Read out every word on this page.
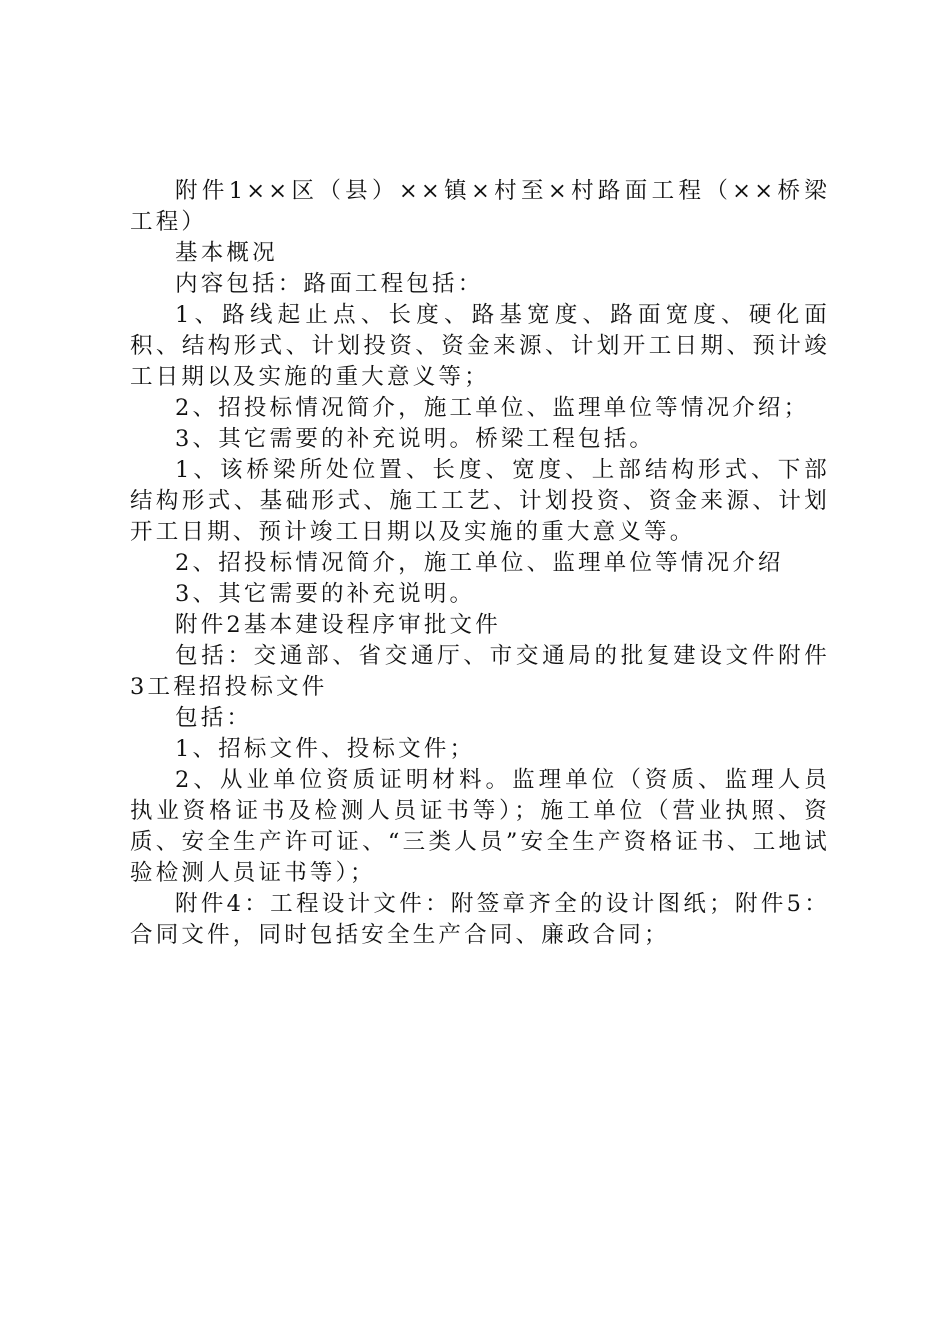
附件1××区（县）××镇×村至×村路面工程（××桥梁工程）

基本概况

内容包括：路面工程包括：

1、路线起止点、长度、路基宽度、路面宽度、硬化面积、结构形式、计划投资、资金来源、计划开工日期、预计竣工日期以及实施的重大意义等；

2、招投标情况简介，施工单位、监理单位等情况介绍；

3、其它需要的补充说明。桥梁工程包括。

1、该桥梁所处位置、长度、宽度、上部结构形式、下部结构形式、基础形式、施工工艺、计划投资、资金来源、计划开工日期、预计竣工日期以及实施的重大意义等。

2、招投标情况简介，施工单位、监理单位等情况介绍

3、其它需要的补充说明。

附件2基本建设程序审批文件

包括：交通部、省交通厅、市交通局的批复建设文件附件3工程招投标文件

包括：

1、招标文件、投标文件；

2、从业单位资质证明材料。监理单位（资质、监理人员执业资格证书及检测人员证书等）；施工单位（营业执照、资质、安全生产许可证、“三类人员”安全生产资格证书、工地试验检测人员证书等）；

附件4：工程设计文件：附签章齐全的设计图纸；附件5：合同文件，同时包括安全生产合同、廉政合同；
